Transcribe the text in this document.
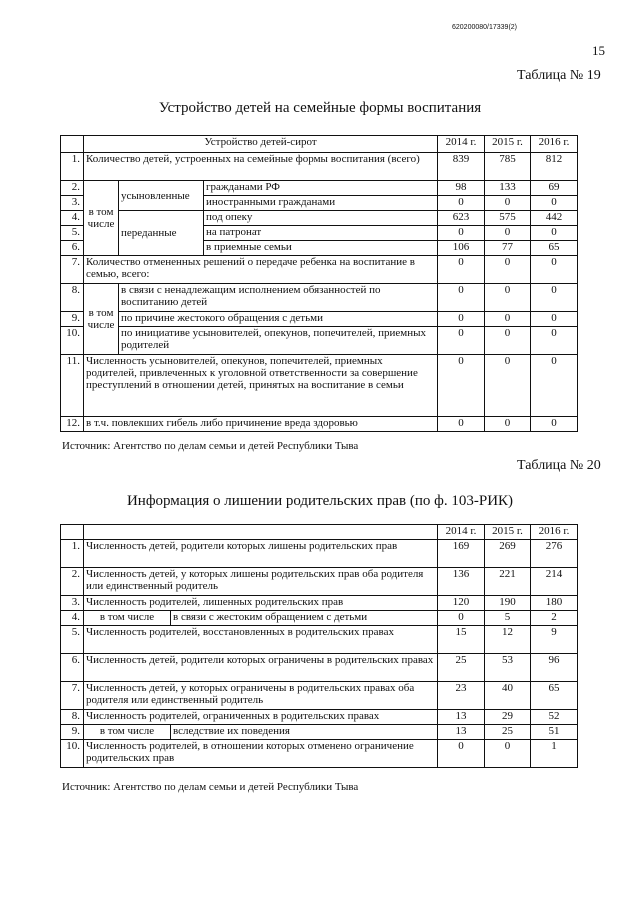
620200080/17339(2)
15
Таблица № 19
Устройство детей на семейные формы воспитания
	Устройство детей-сирот			2014 г.	2015 г.	2016 г.
1.	Количество детей, устроенных на семейные формы воспитания (всего)			839	785	812
2.	в том числе	усыновленные	гражданами РФ	98	133	69
3.			иностранными гражданами	0	0	0
4.		переданные	под опеку	623	575	442
5.			на патронат	0	0	0
6.			в приемные семьи	106	77	65
7.	Количество отмененных решений о передаче ребенка на воспитание в семью, всего:			0	0	0
8.	в том числе	в связи с ненадлежащим исполнением обязанностей по воспитанию детей		0	0	0
9.		по причине жестокого обращения с детьми		0	0	0
10.		по инициативе усыновителей, опекунов, попечителей, приемных родителей		0	0	0
11.	Численность усыновителей, опекунов, попечителей, приемных родителей, привлеченных к уголовной ответственности за совершение преступлений в отношении детей, принятых на воспитание в семьи			0	0	0
12.	в т.ч. повлекших гибель либо причинение вреда здоровью			0	0	0
Источник: Агентство по делам семьи и детей Республики Тыва
Таблица № 20
Информация о лишении родительских прав (по ф. 103-РИК)
			2014 г.	2015 г.	2016 г.
1.	Численность детей, родители которых лишены родительских прав		169	269	276
2.	Численность детей, у которых лишены родительских прав оба родителя или единственный родитель		136	221	214
3.	Численность родителей, лишенных родительских прав		120	190	180
4.	в том числе	в связи с жестоким обращением с детьми	0	5	2
5.	Численность родителей, восстановленных в родительских правах		15	12	9
6.	Численность детей, родители которых ограничены в родительских правах		25	53	96
7.	Численность детей, у которых ограничены в родительских правах оба родителя или единственный родитель		23	40	65
8.	Численность родителей, ограниченных в родительских правах		13	29	52
9.	в том числе	вследствие их поведения	13	25	51
10.	Численность родителей, в отношении которых отменено ограничение родительских прав		0	0	1
Источник: Агентство по делам семьи и детей Республики Тыва
